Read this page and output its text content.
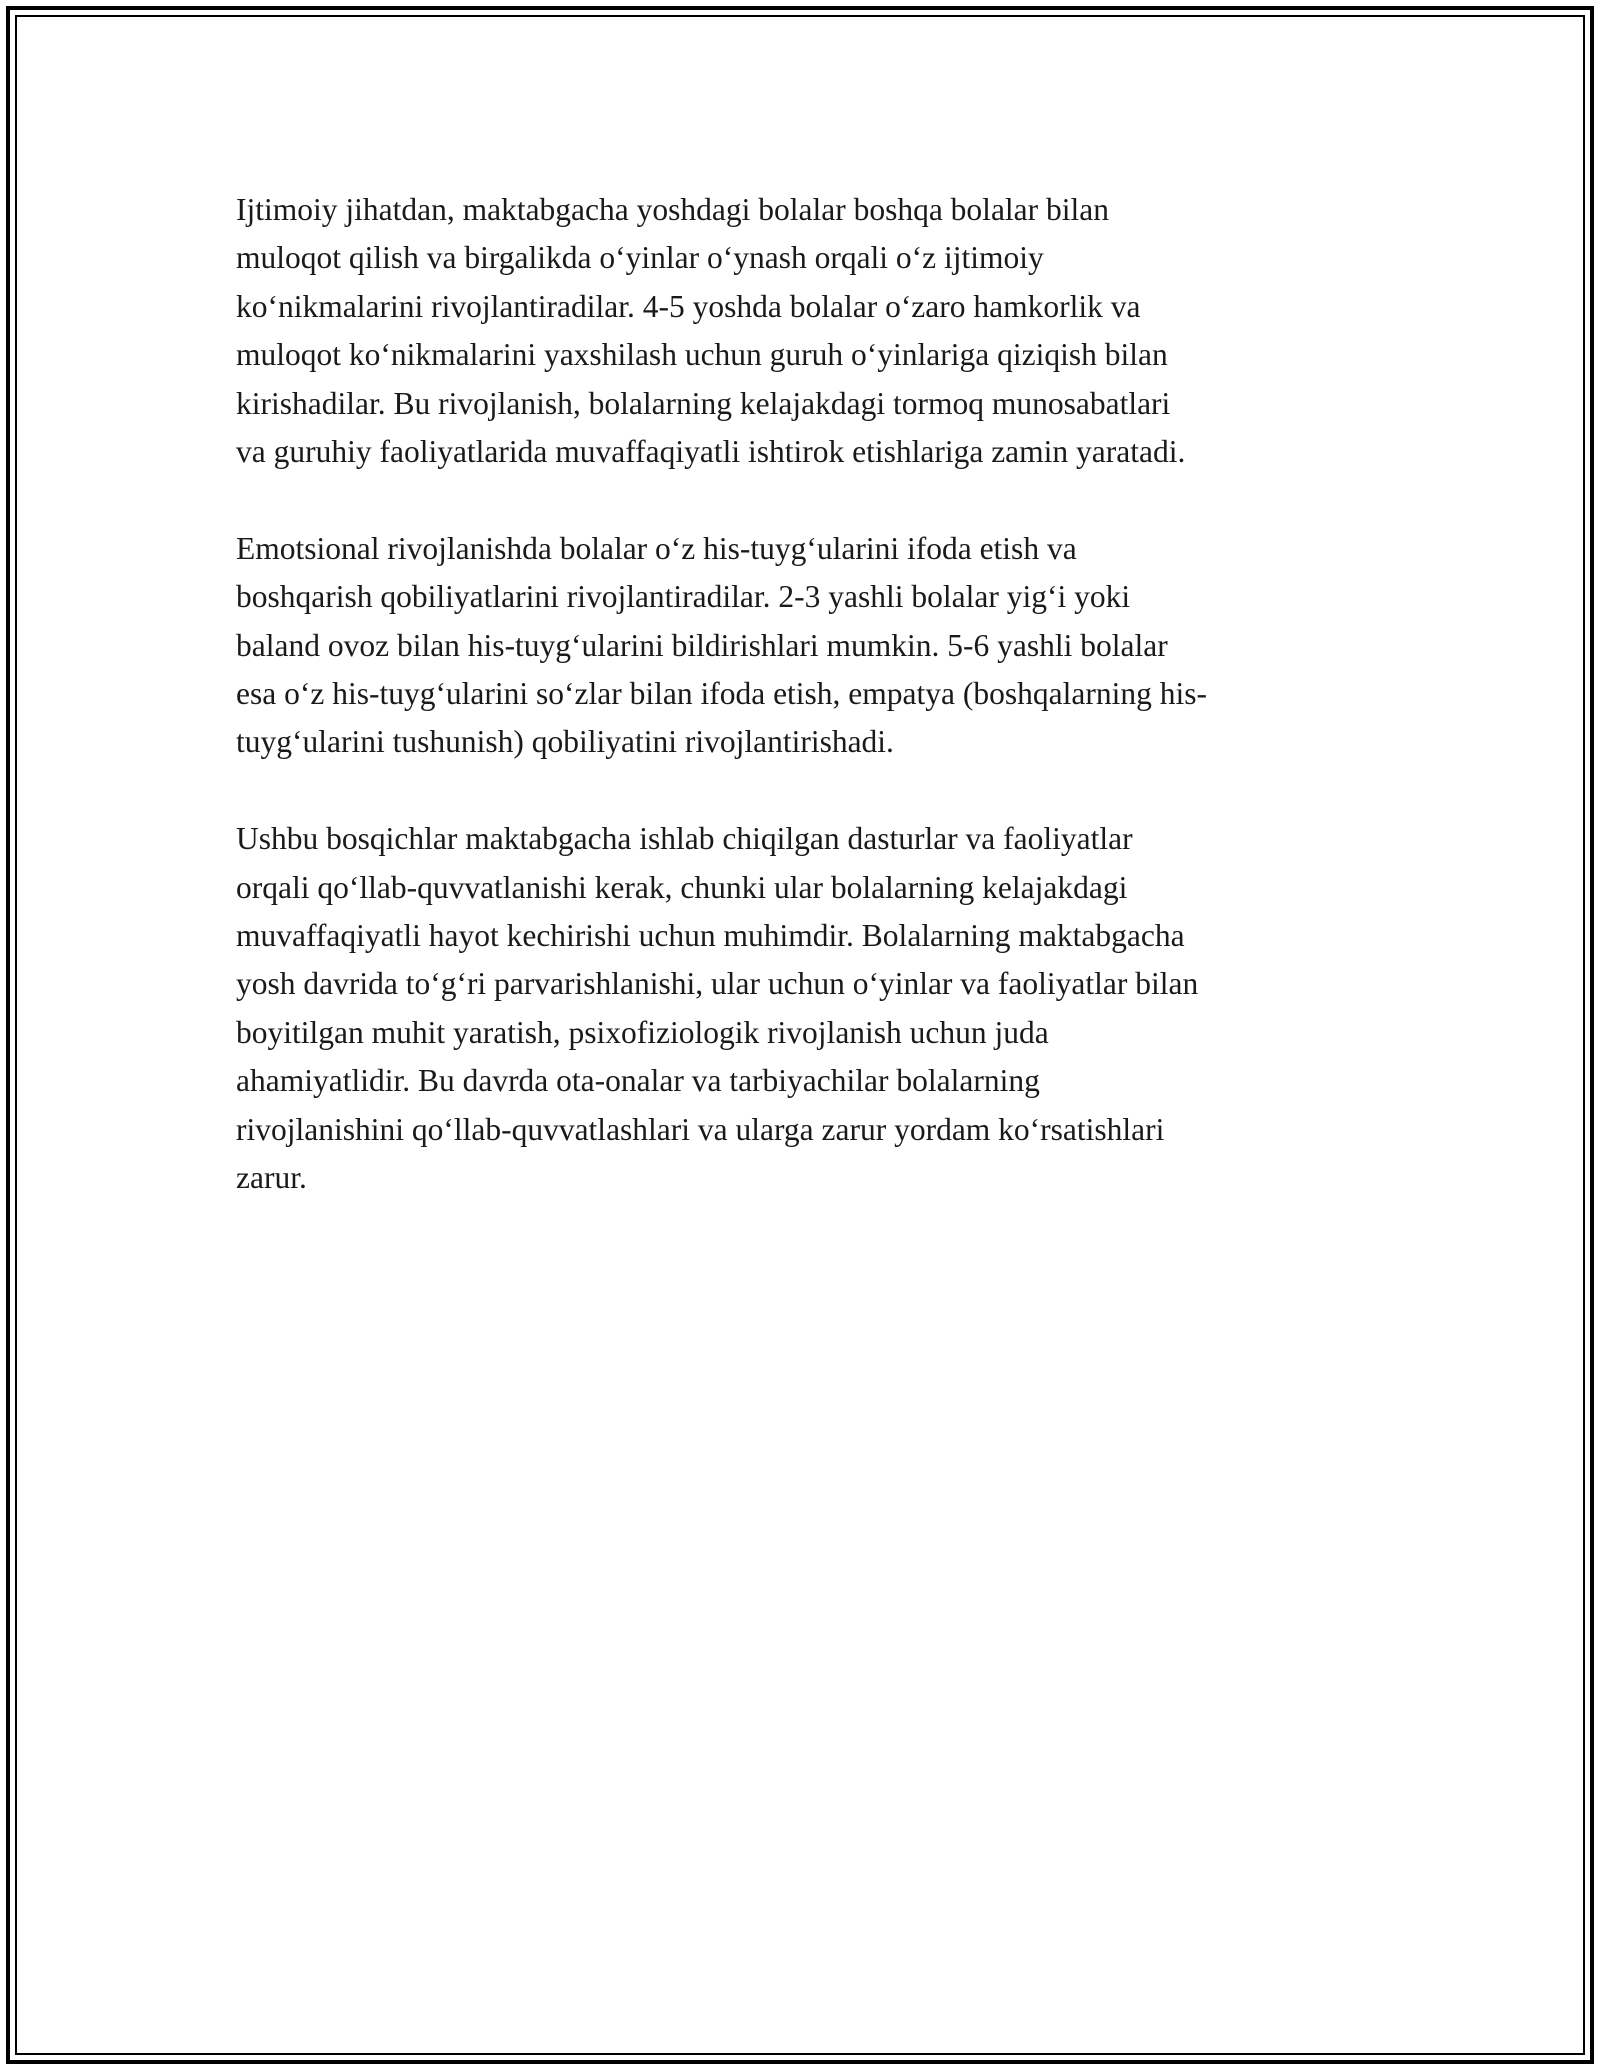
Ijtimoiy jihatdan, maktabgacha yoshdagi bolalar boshqa bolalar bilan
muloqot qilish va birgalikda o‘yinlar o‘ynash orqali o‘z ijtimoiy
ko‘nikmalarini rivojlantiradilar. 4-5 yoshda bolalar o‘zaro hamkorlik va
muloqot ko‘nikmalarini yaxshilash uchun guruh o‘yinlariga qiziqish bilan
kirishadilar. Bu rivojlanish, bolalarning kelajakdagi tormoq munosabatlari
va guruhiy faoliyatlarida muvaffaqiyatli ishtirok etishlariga zamin yaratadi.

Emotsional rivojlanishda bolalar o‘z his-tuyg‘ularini ifoda etish va
boshqarish qobiliyatlarini rivojlantiradilar. 2-3 yashli bolalar yig‘i yoki
baland ovoz bilan his-tuyg‘ularini bildirishlari mumkin. 5-6 yashli bolalar
esa o‘z his-tuyg‘ularini so‘zlar bilan ifoda etish, empatya (boshqalarning his-
tuyg‘ularini tushunish) qobiliyatini rivojlantirishadi.

Ushbu bosqichlar maktabgacha ishlab chiqilgan dasturlar va faoliyatlar
orqali qo‘llab-quvvatlanishi kerak, chunki ular bolalarning kelajakdagi
muvaffaqiyatli hayot kechirishi uchun muhimdir. Bolalarning maktabgacha
yosh davrida to‘g‘ri parvarishlanishi, ular uchun o‘yinlar va faoliyatlar bilan
boyitilgan muhit yaratish, psixofiziologik rivojlanish uchun juda
ahamiyatlidir. Bu davrda ota-onalar va tarbiyachilar bolalarning
rivojlanishini qo‘llab-quvvatlashlari va ularga zarur yordam ko‘rsatishlari
zarur.
